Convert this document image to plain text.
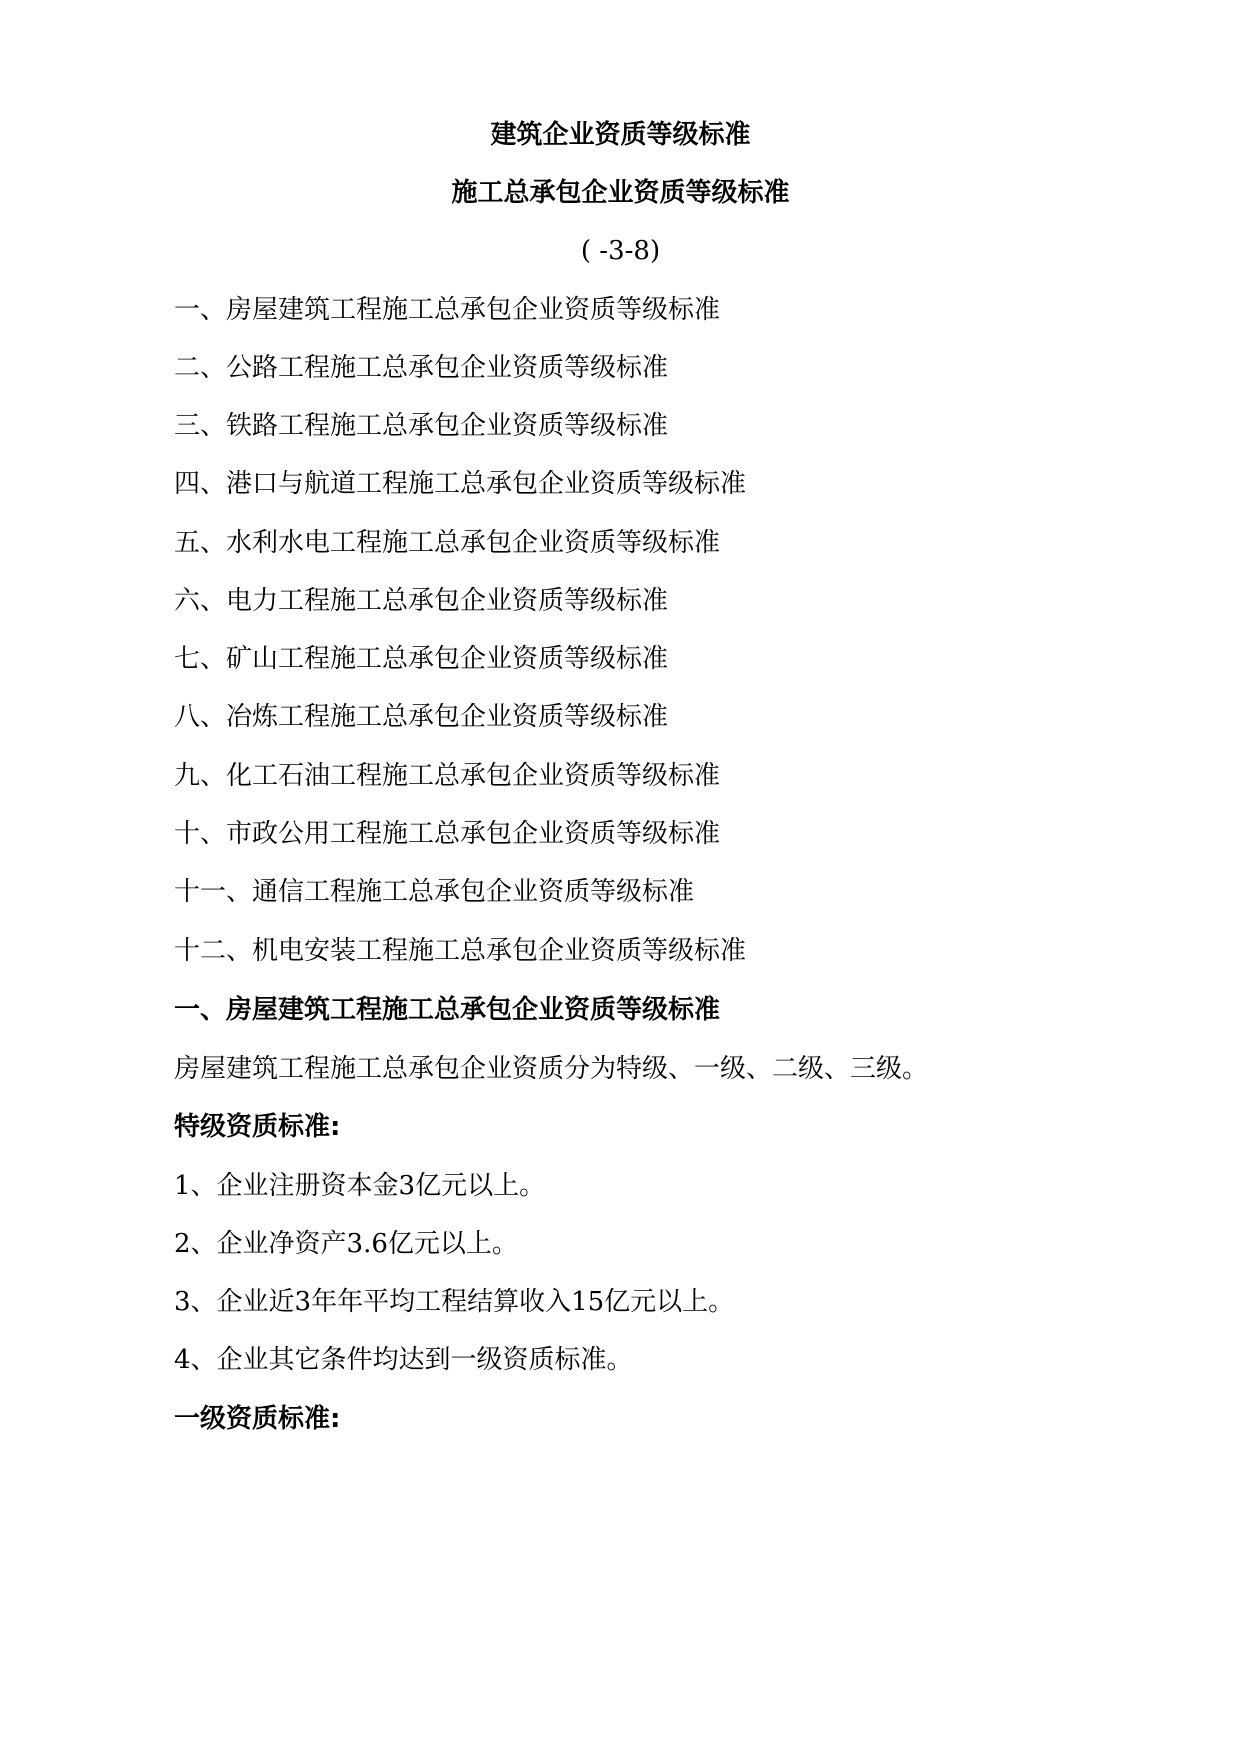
建筑企业资质等级标准
施工总承包企业资质等级标准
( -3-8)
一、房屋建筑工程施工总承包企业资质等级标准
二、公路工程施工总承包企业资质等级标准
三、铁路工程施工总承包企业资质等级标准
四、港口与航道工程施工总承包企业资质等级标准
五、水利水电工程施工总承包企业资质等级标准
六、电力工程施工总承包企业资质等级标准
七、矿山工程施工总承包企业资质等级标准
八、冶炼工程施工总承包企业资质等级标准
九、化工石油工程施工总承包企业资质等级标准
十、市政公用工程施工总承包企业资质等级标准
十一、通信工程施工总承包企业资质等级标准
十二、机电安装工程施工总承包企业资质等级标准
一、房屋建筑工程施工总承包企业资质等级标准
房屋建筑工程施工总承包企业资质分为特级、一级、二级、三级。
特级资质标准:
1、企业注册资本金3亿元以上。
2、企业净资产3.6亿元以上。
3、企业近3年年平均工程结算收入15亿元以上。
4、企业其它条件均达到一级资质标准。
一级资质标准:
